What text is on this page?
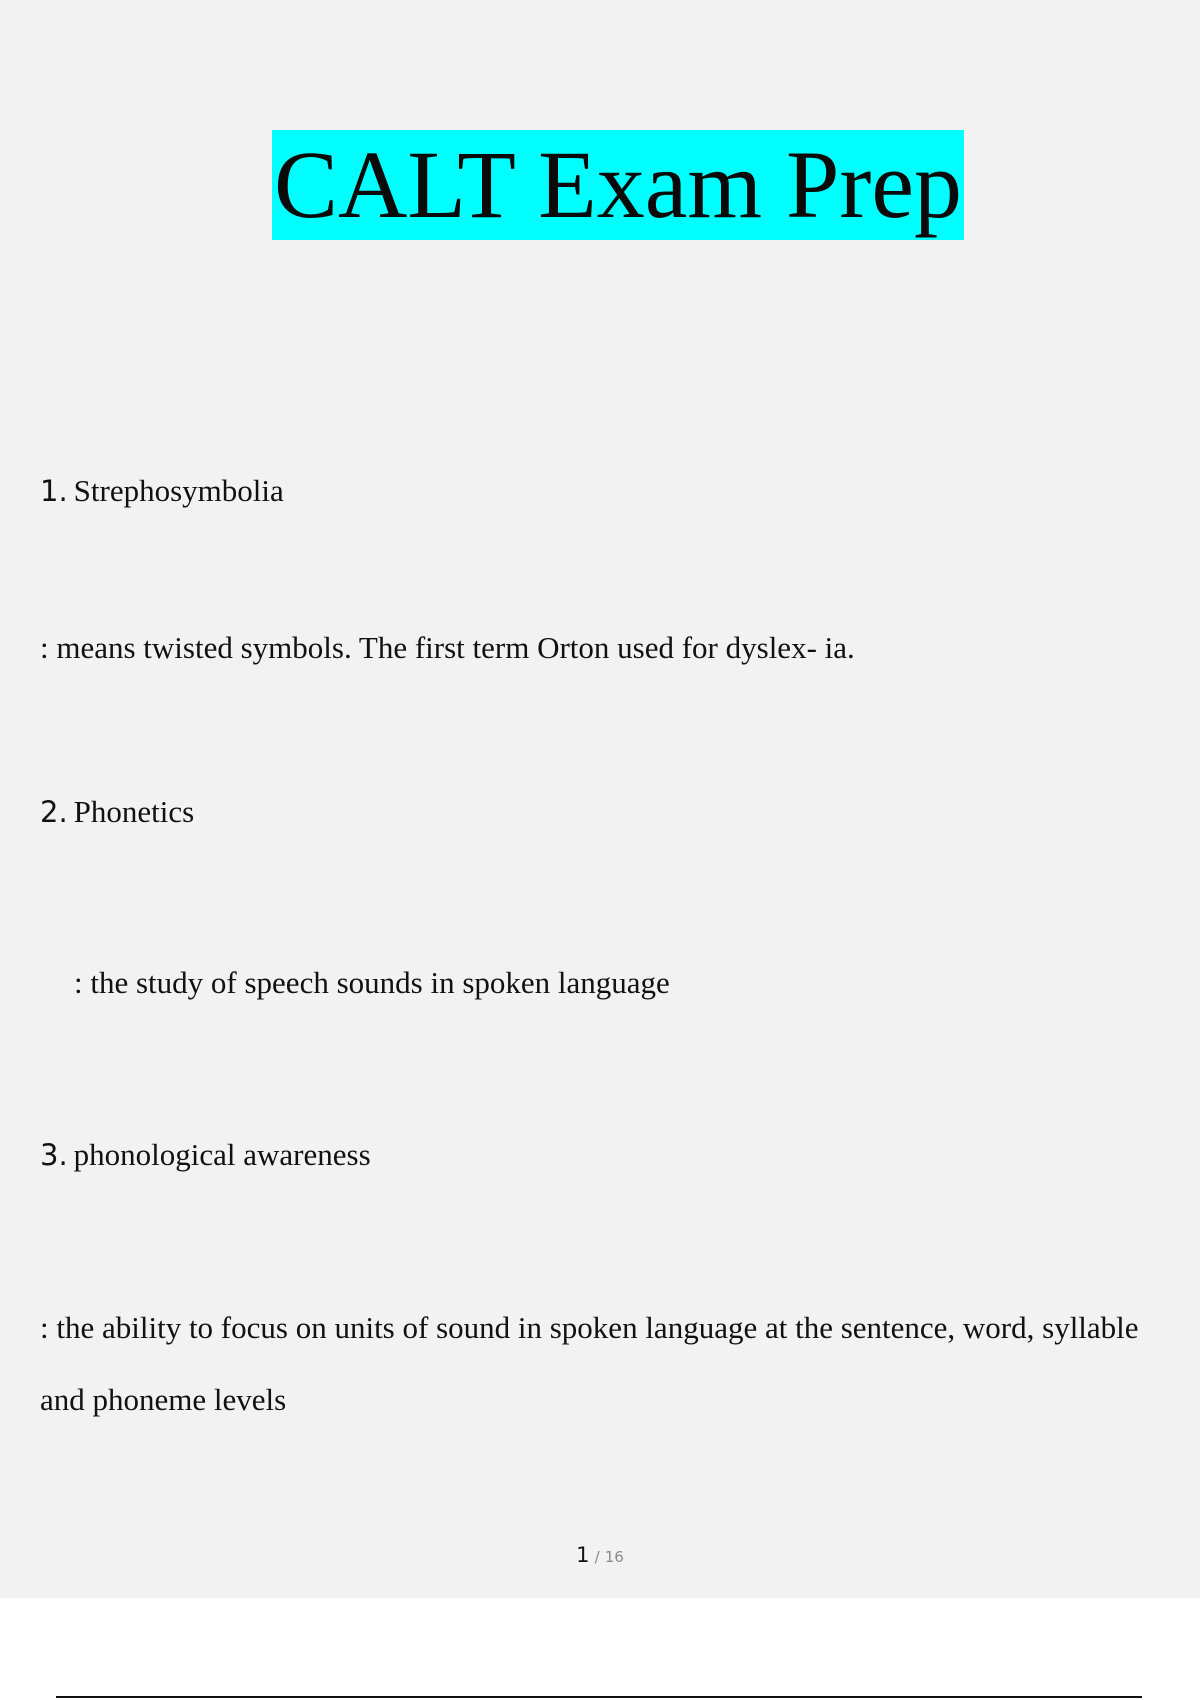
CALT Exam Prep
1. Strephosymbolia
: means twisted symbols. The first term Orton used for dyslex- ia.
2. Phonetics
: the study of speech sounds in spoken language
3. phonological awareness
: the ability to focus on units of sound in spoken language at the sentence, word, syllable and phoneme levels
1 / 16
